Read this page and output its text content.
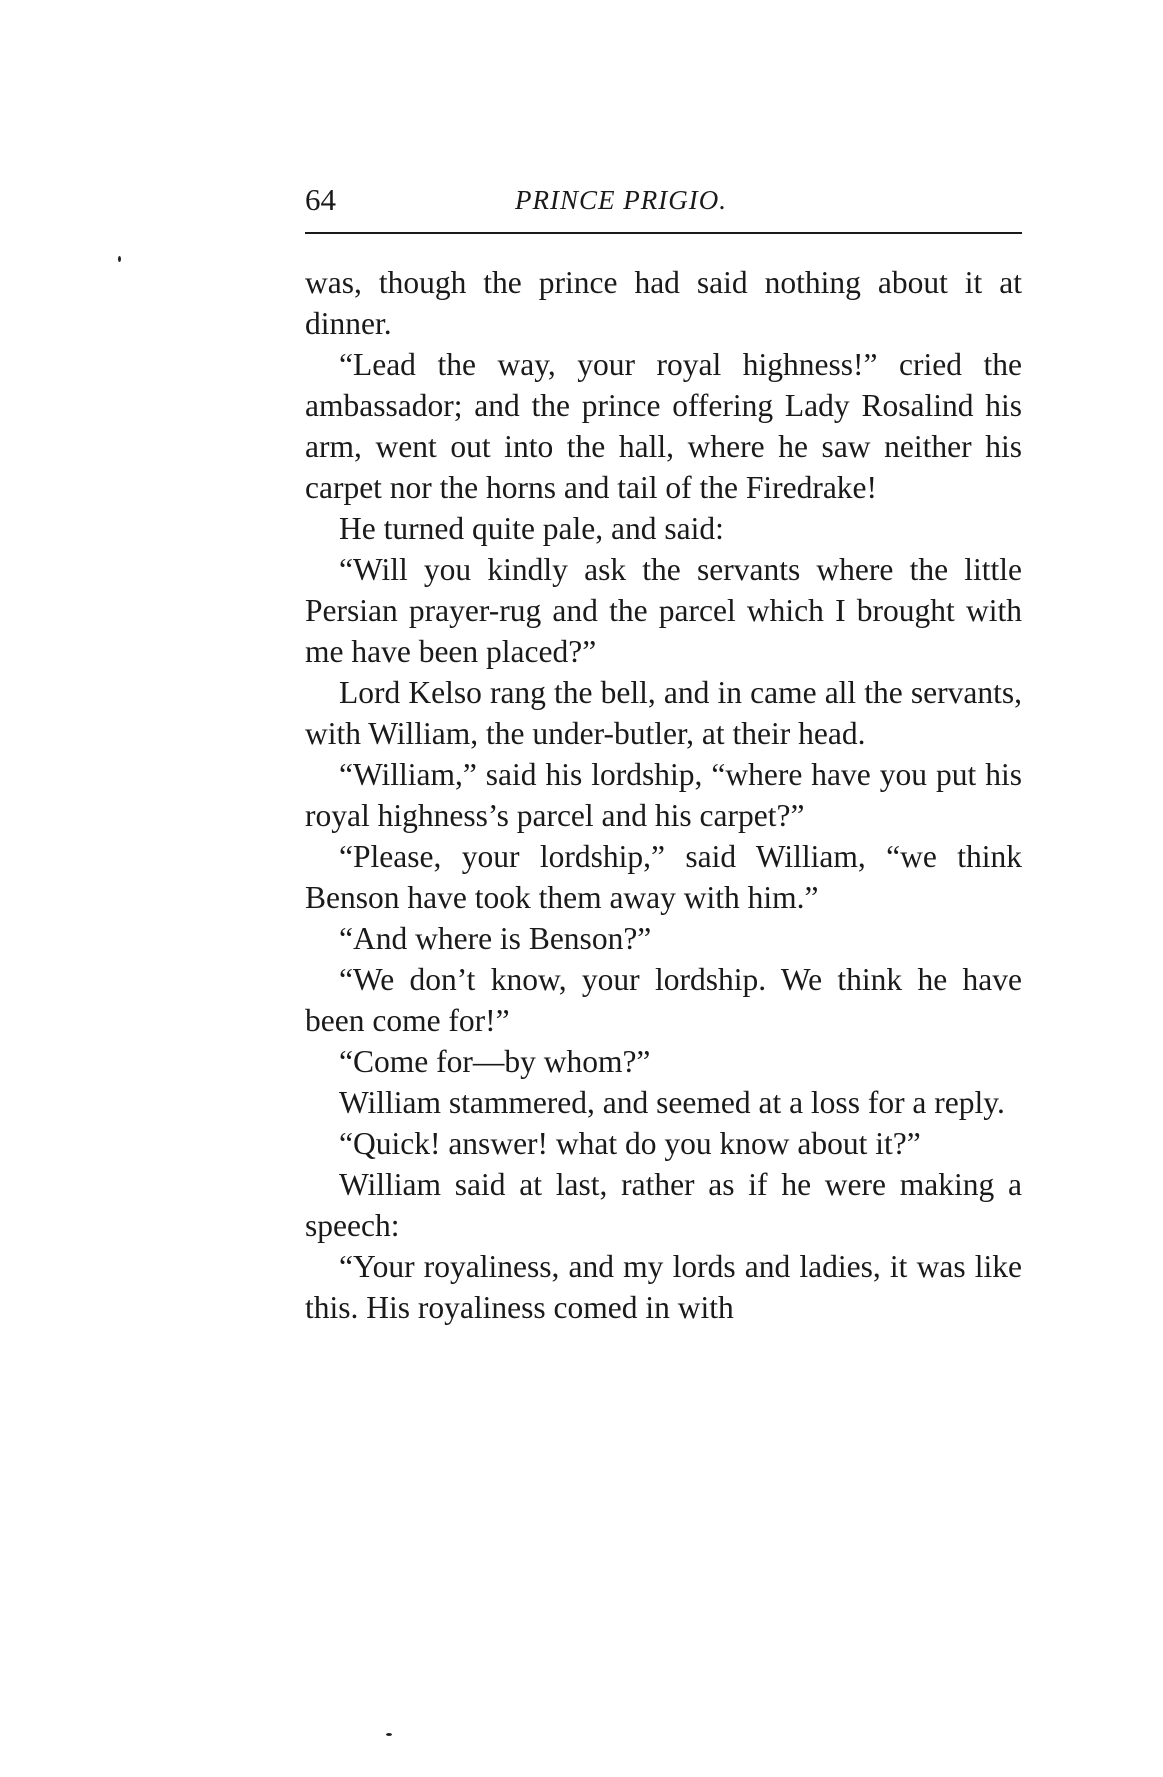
64	PRINCE PRIGIO.

was, though the prince had said nothing about it at dinner.

“Lead the way, your royal highness!” cried the ambassador; and the prince offering Lady Rosalind his arm, went out into the hall, where he saw neither his carpet nor the horns and tail of the Firedrake!

He turned quite pale, and said:

“Will you kindly ask the servants where the little Persian prayer-rug and the parcel which I brought with me have been placed?”

Lord Kelso rang the bell, and in came all the servants, with William, the under-butler, at their head.

“William,” said his lordship, “where have you put his royal highness’s parcel and his carpet?”

“Please, your lordship,” said William, “we think Benson have took them away with him.”

“And where is Benson?”

“We don’t know, your lordship. We think he have been come for!”

“Come for—by whom?”

William stammered, and seemed at a loss for a reply.

“Quick! answer! what do you know about it?”

William said at last, rather as if he were making a speech:

“Your royaliness, and my lords and ladies, it was like this. His royaliness comed in with
